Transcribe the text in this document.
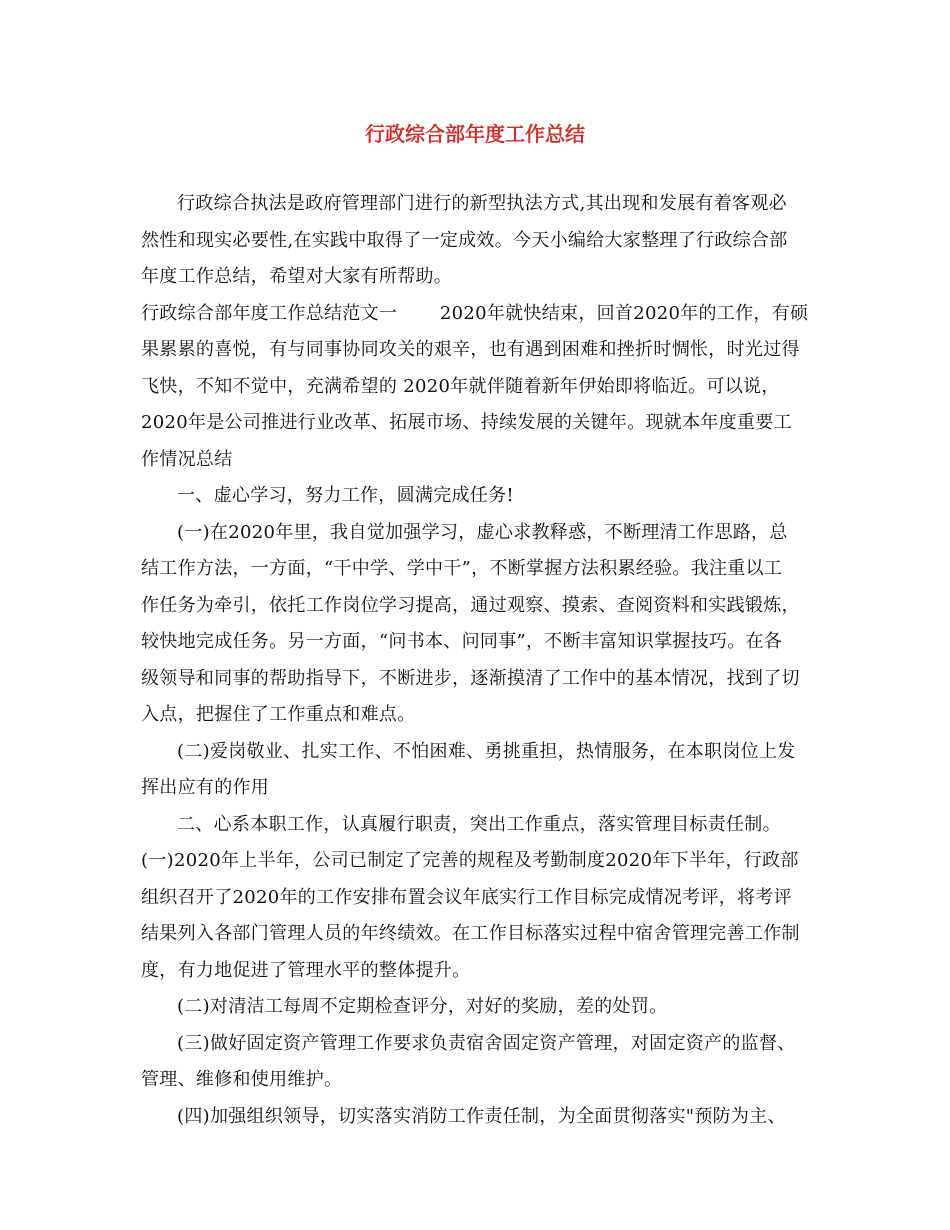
行政综合部年度工作总结
行政综合执法是政府管理部门进行的新型执法方式,其出现和发展有着客观必
然性和现实必要性,在实践中取得了一定成效。今天小编给大家整理了行政综合部
年度工作总结，希望对大家有所帮助。
行政综合部年度工作总结范文一　　 2020年就快结束，回首2020年的工作，有硕
果累累的喜悦，有与同事协同攻关的艰辛，也有遇到困难和挫折时惆怅，时光过得
飞快，不知不觉中，充满希望的 2020年就伴随着新年伊始即将临近。可以说，
2020年是公司推进行业改革、拓展市场、持续发展的关键年。现就本年度重要工
作情况总结
一、虚心学习，努力工作，圆满完成任务!
(一)在2020年里，我自觉加强学习，虚心求教释惑，不断理清工作思路，总
结工作方法，一方面，“干中学、学中干”，不断掌握方法积累经验。我注重以工
作任务为牵引，依托工作岗位学习提高，通过观察、摸索、查阅资料和实践锻炼，
较快地完成任务。另一方面，“问书本、问同事”，不断丰富知识掌握技巧。在各
级领导和同事的帮助指导下，不断进步，逐渐摸清了工作中的基本情况，找到了切
入点，把握住了工作重点和难点。
(二)爱岗敬业、扎实工作、不怕困难、勇挑重担，热情服务，在本职岗位上发
挥出应有的作用
二、心系本职工作，认真履行职责，突出工作重点，落实管理目标责任制。
(一)2020年上半年，公司已制定了完善的规程及考勤制度2020年下半年，行政部
组织召开了2020年的工作安排布置会议年底实行工作目标完成情况考评，将考评
结果列入各部门管理人员的年终绩效。在工作目标落实过程中宿舍管理完善工作制
度，有力地促进了管理水平的整体提升。
(二)对清洁工每周不定期检查评分，对好的奖励，差的处罚。
(三)做好固定资产管理工作要求负责宿舍固定资产管理，对固定资产的监督、
管理、维修和使用维护。
(四)加强组织领导，切实落实消防工作责任制，为全面贯彻落实"预防为主、
